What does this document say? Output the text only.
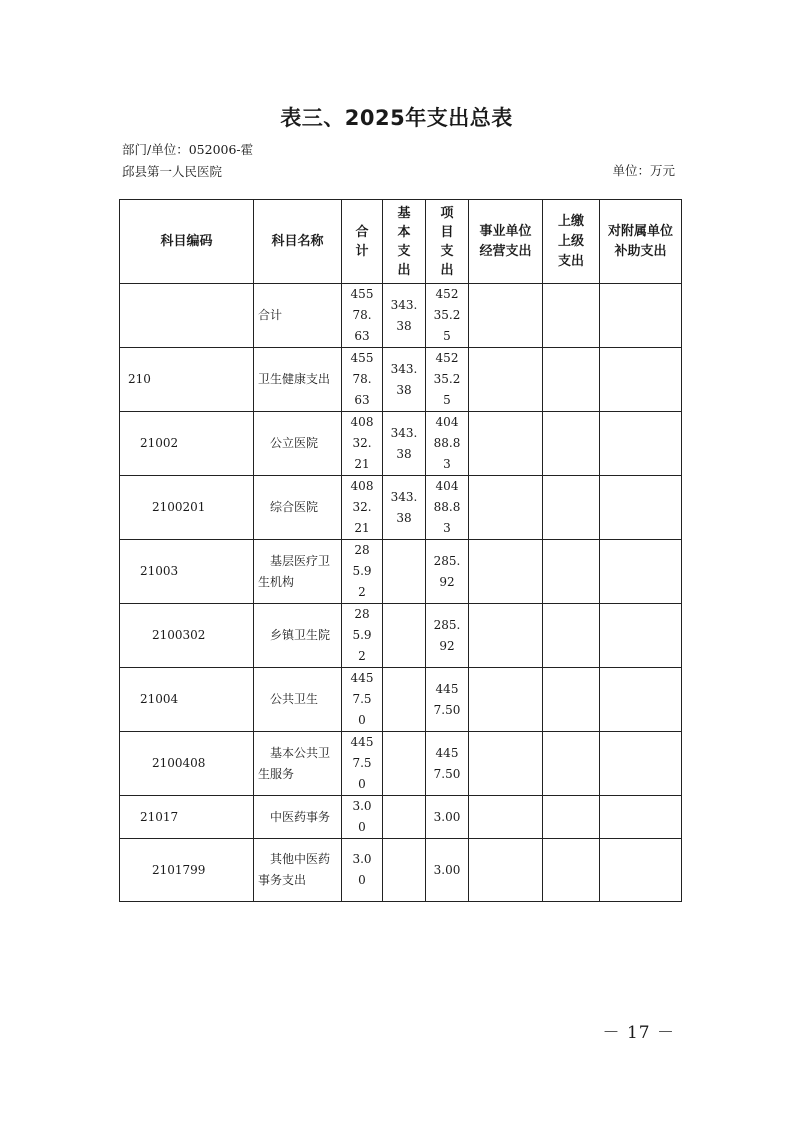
表三、2025年支出总表
部门/单位：052006-霍邱县第一人民医院	单位：万元
科目编码	科目名称	合计	基本支出	项目支出	事业单位经营支出	上缴上级支出	对附属单位补助支出

	合计	45578.63	343.38	45235.25			

210	卫生健康支出	45578.63	343.38	45235.25			

21002	公立医院	40832.21	343.38	40488.83			

2100201	综合医院	40832.21	343.38	40488.83			

21003	基层医疗卫生机构	285.92		285.92			

2100302	乡镇卫生院	285.92		285.92			

21004	公共卫生	4457.50		4457.50			

2100408	基本公共卫生服务	4457.50		4457.50			

21017	中医药事务	3.00		3.00			

2101799	其他中医药事务支出	3.00		3.00			

－ 17 －
